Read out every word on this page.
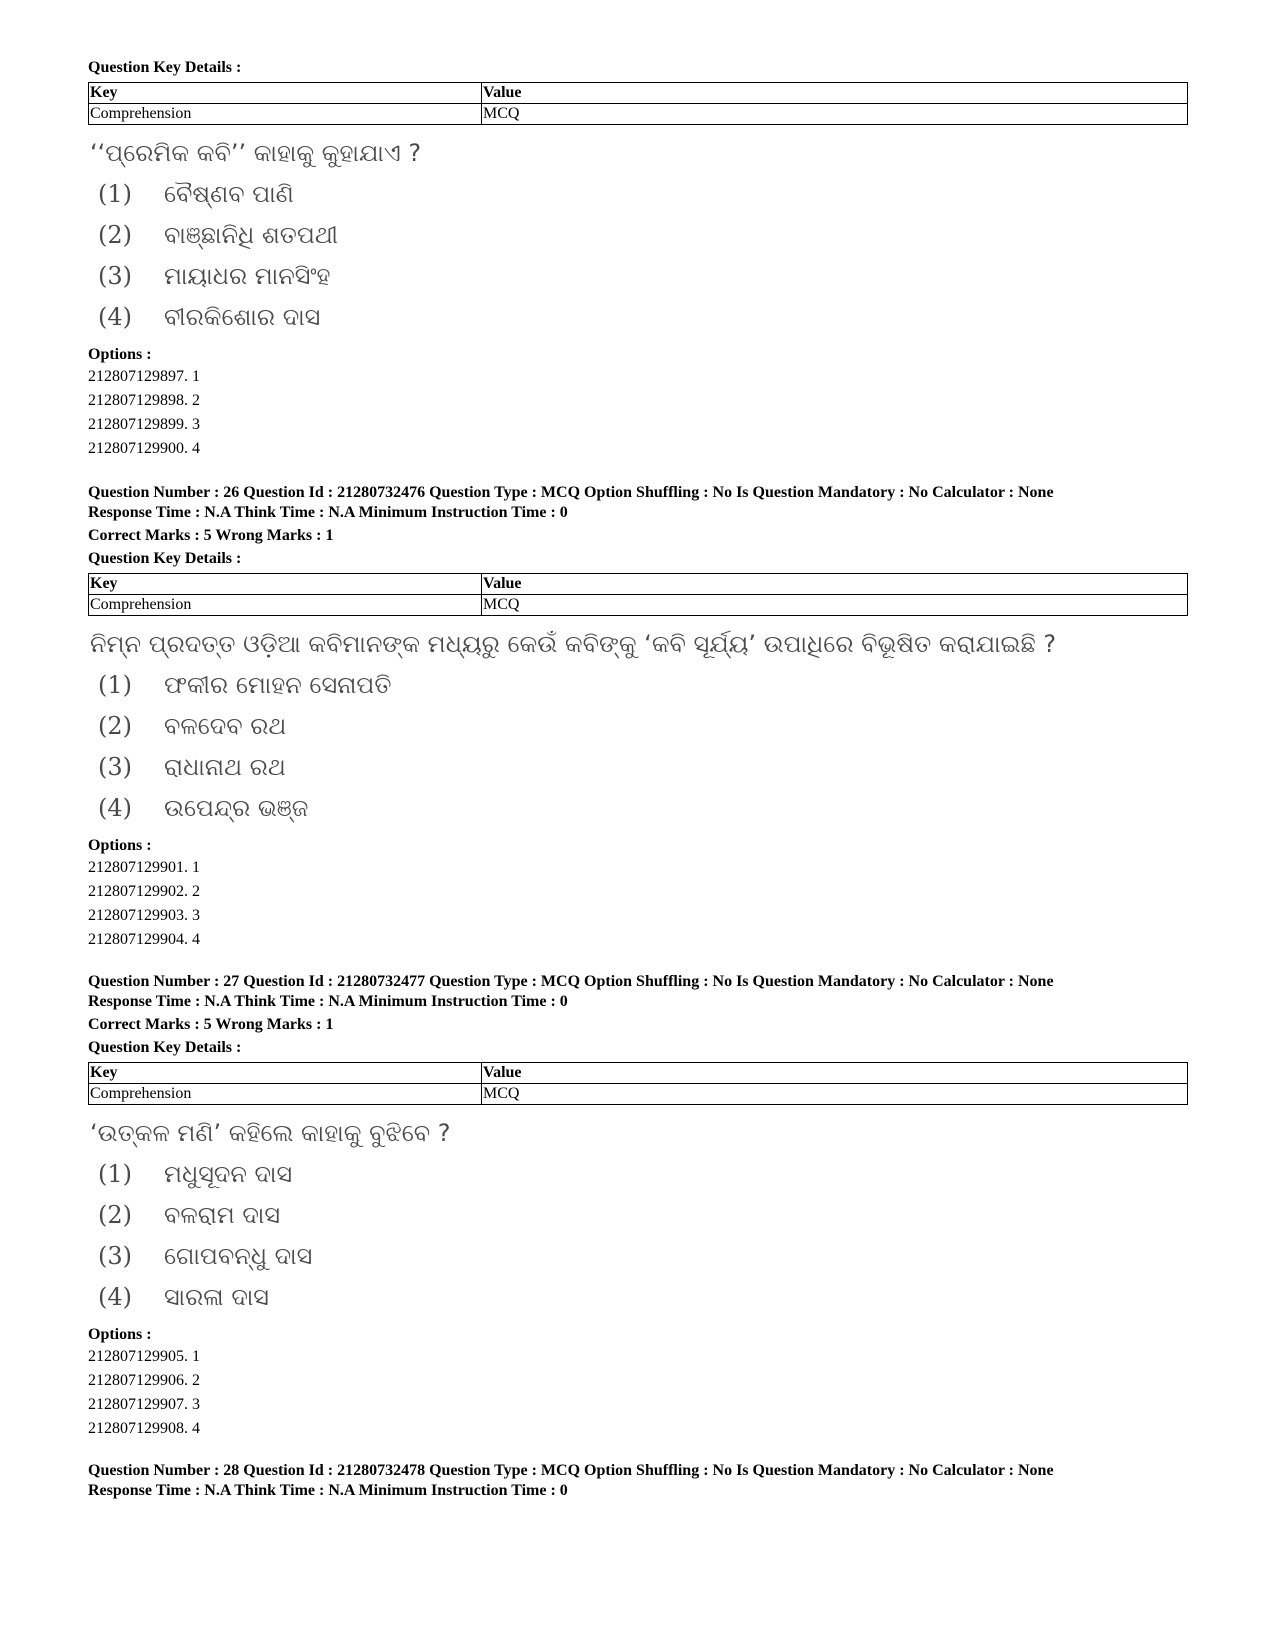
Question Key Details :
Key	Value
Comprehension	MCQ
‘‘ପ୍ରେମିକ କବି’’ କାହାକୁ କୁହାଯାଏ ?
(1)	ବୈଷ୍ଣବ ପାଣି
(2)	ବାଞ୍ଛାନିଧି ଶତପଥୀ
(3)	ମାୟାଧର ମାନସିଂହ
(4)	ବୀରକିଶୋର ଦାସ
Options :
212807129897. 1
212807129898. 2
212807129899. 3
212807129900. 4
Question Number : 26 Question Id : 21280732476 Question Type : MCQ Option Shuffling : No Is Question Mandatory : No Calculator : None
Response Time : N.A Think Time : N.A Minimum Instruction Time : 0
Correct Marks : 5 Wrong Marks : 1
Question Key Details :
Key	Value
Comprehension	MCQ
ନିମ୍ନ ପ୍ରଦତ୍ତ ଓଡ଼ିଆ କବିମାନଙ୍କ ମଧ୍ୟରୁ କେଉଁ କବିଙ୍କୁ ‘କବି ସୂର୍ଯ୍ୟ’ ଉପାଧିରେ ବିଭୂଷିତ କରାଯାଇଛି ?
(1)	ଫକୀର ମୋହନ ସେନାପତି
(2)	ବଳଦେବ ରଥ
(3)	ରାଧାନାଥ ରଥ
(4)	ଉପେନ୍ଦ୍ର ଭଞ୍ଜ
Options :
212807129901. 1
212807129902. 2
212807129903. 3
212807129904. 4
Question Number : 27 Question Id : 21280732477 Question Type : MCQ Option Shuffling : No Is Question Mandatory : No Calculator : None
Response Time : N.A Think Time : N.A Minimum Instruction Time : 0
Correct Marks : 5 Wrong Marks : 1
Question Key Details :
Key	Value
Comprehension	MCQ
‘ଉତ୍କଳ ମଣି’ କହିଲେ କାହାକୁ ବୁଝିବେ ?
(1)	ମଧୁସୂଦନ ଦାସ
(2)	ବଳରାମ ଦାସ
(3)	ଗୋପବନ୍ଧୁ ଦାସ
(4)	ସାରଳା ଦାସ
Options :
212807129905. 1
212807129906. 2
212807129907. 3
212807129908. 4
Question Number : 28 Question Id : 21280732478 Question Type : MCQ Option Shuffling : No Is Question Mandatory : No Calculator : None
Response Time : N.A Think Time : N.A Minimum Instruction Time : 0
